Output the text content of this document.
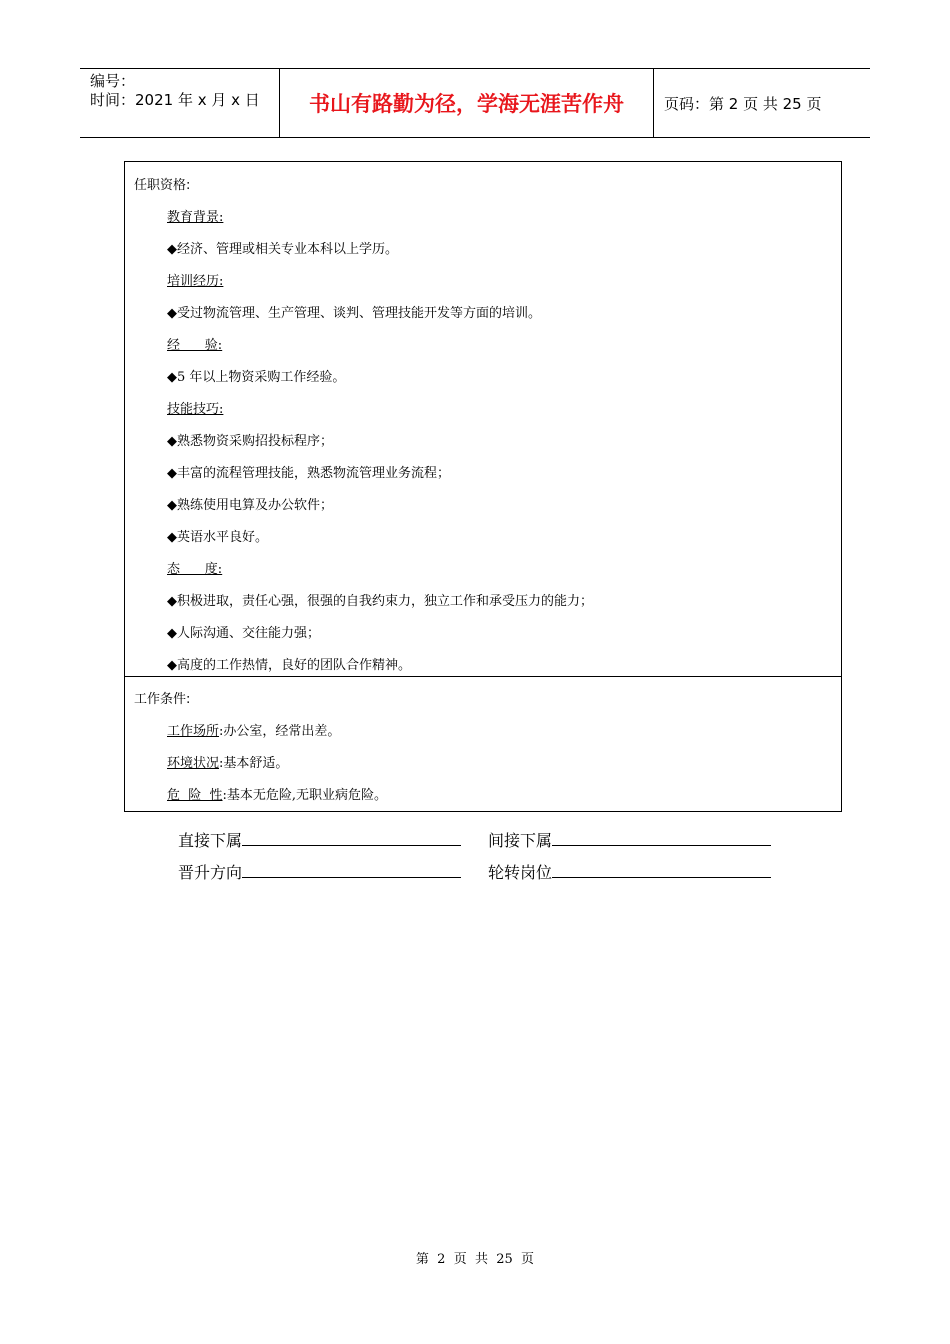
编号：
时间：2021 年 x 月 x 日	书山有路勤为径，学海无涯苦作舟	页码：第 2 页 共 25 页
任职资格:
教育背景:
◆经济、管理或相关专业本科以上学历。
培训经历:
◆受过物流管理、生产管理、谈判、管理技能开发等方面的培训。
经      验:
◆5 年以上物资采购工作经验。
技能技巧:
◆熟悉物资采购招投标程序；
◆丰富的流程管理技能，熟悉物流管理业务流程；
◆熟练使用电算及办公软件；
◆英语水平良好。
态      度:
◆积极进取，责任心强，很强的自我约束力，独立工作和承受压力的能力；
◆人际沟通、交往能力强；
◆高度的工作热情，良好的团队合作精神。
工作条件:
工作场所:办公室，经常出差。
环境状况:基本舒适。
危  险  性:基本无危险,无职业病危险。
直接下属	间接下属
晋升方向	轮转岗位
第  2  页  共  25  页
